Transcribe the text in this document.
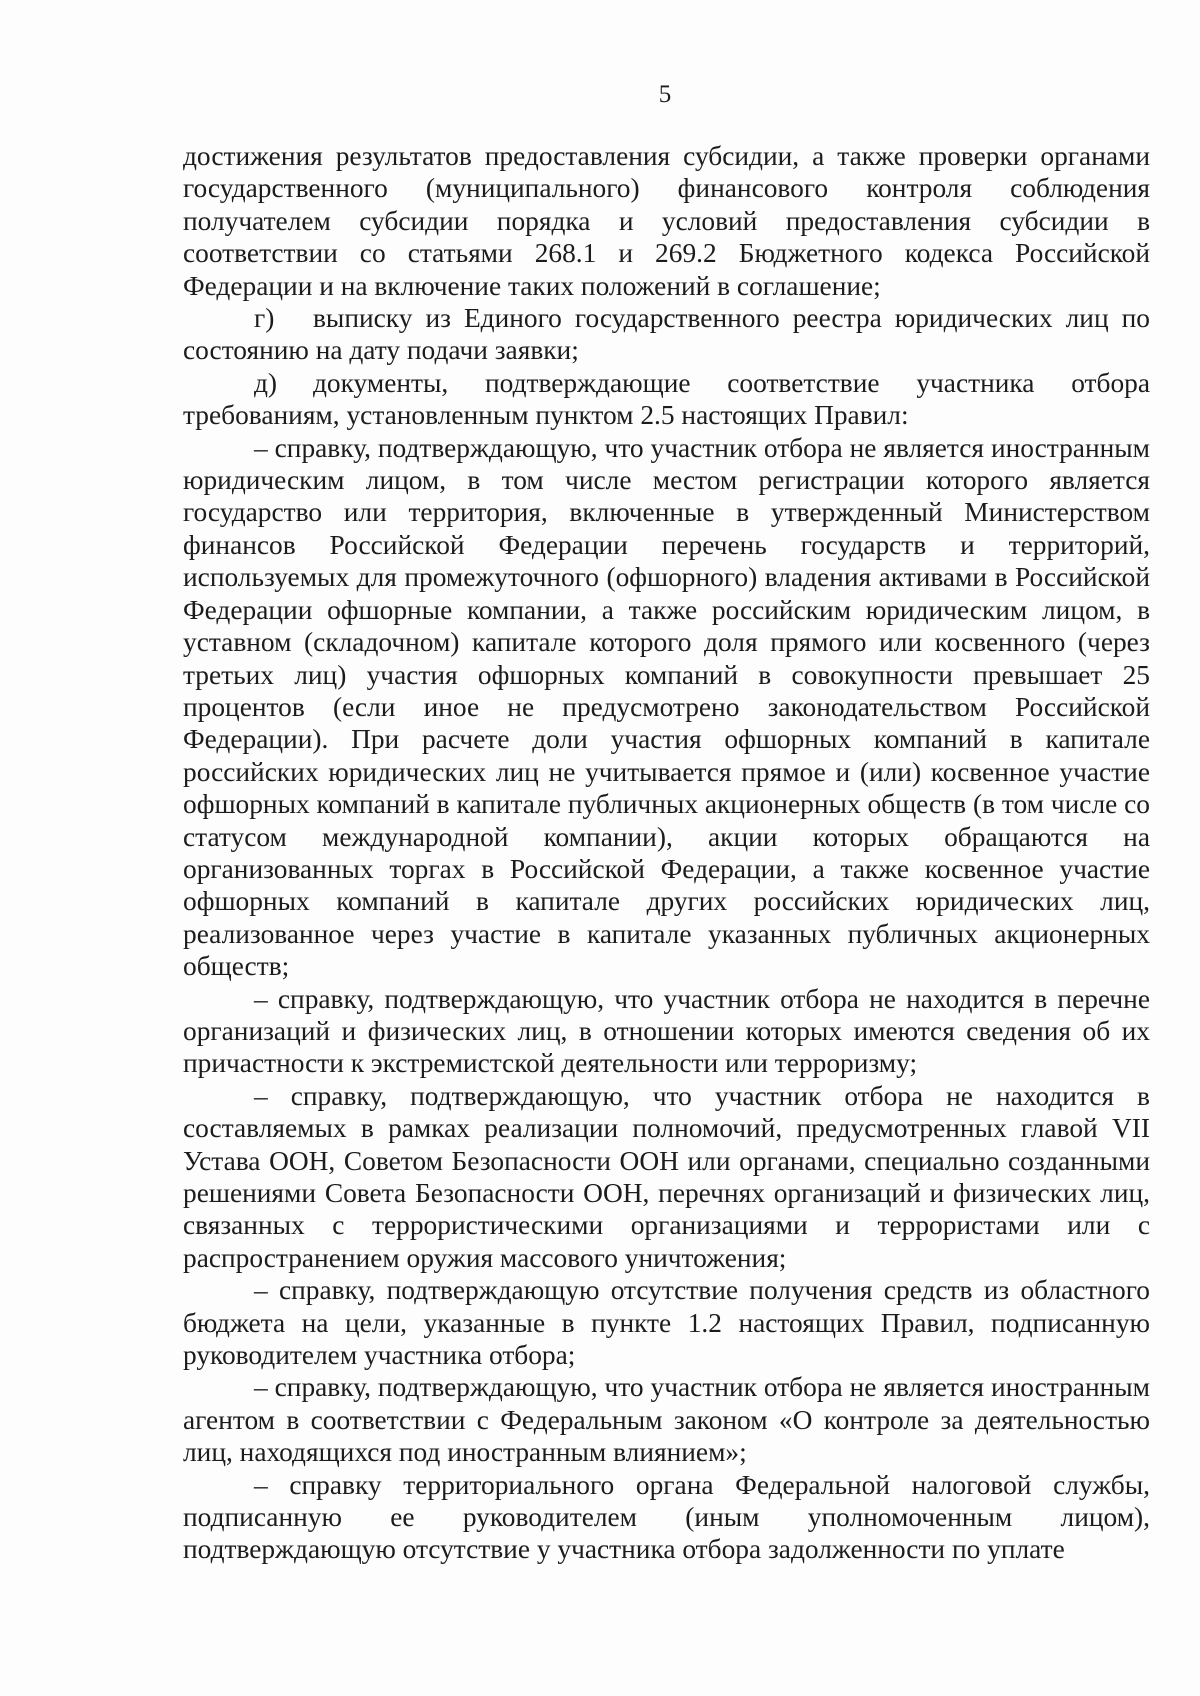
5

достижения результатов предоставления субсидии, а также проверки органами государственного (муниципального) финансового контроля соблюдения получателем субсидии порядка и условий предоставления субсидии в соответствии со статьями 268.1 и 269.2 Бюджетного кодекса Российской Федерации и на включение таких положений в соглашение;

г) выписку из Единого государственного реестра юридических лиц по состоянию на дату подачи заявки;

д) документы, подтверждающие соответствие участника отбора требованиям, установленным пунктом 2.5 настоящих Правил:

– справку, подтверждающую, что участник отбора не является иностранным юридическим лицом, в том числе местом регистрации которого является государство или территория, включенные в утвержденный Министерством финансов Российской Федерации перечень государств и территорий, используемых для промежуточного (офшорного) владения активами в Российской Федерации офшорные компании, а также российским юридическим лицом, в уставном (складочном) капитале которого доля прямого или косвенного (через третьих лиц) участия офшорных компаний в совокупности превышает 25 процентов (если иное не предусмотрено законодательством Российской Федерации). При расчете доли участия офшорных компаний в капитале российских юридических лиц не учитывается прямое и (или) косвенное участие офшорных компаний в капитале публичных акционерных обществ (в том числе со статусом международной компании), акции которых обращаются на организованных торгах в Российской Федерации, а также косвенное участие офшорных компаний в капитале других российских юридических лиц, реализованное через участие в капитале указанных публичных акционерных обществ;

– справку, подтверждающую, что участник отбора не находится в перечне организаций и физических лиц, в отношении которых имеются сведения об их причастности к экстремистской деятельности или терроризму;

– справку, подтверждающую, что участник отбора не находится в составляемых в рамках реализации полномочий, предусмотренных главой VII Устава ООН, Советом Безопасности ООН или органами, специально созданными решениями Совета Безопасности ООН, перечнях организаций и физических лиц, связанных с террористическими организациями и террористами или с распространением оружия массового уничтожения;

– справку, подтверждающую отсутствие получения средств из областного бюджета на цели, указанные в пункте 1.2 настоящих Правил, подписанную руководителем участника отбора;

– справку, подтверждающую, что участник отбора не является иностранным агентом в соответствии с Федеральным законом «О контроле за деятельностью лиц, находящихся под иностранным влиянием»;

– справку территориального органа Федеральной налоговой службы, подписанную ее руководителем (иным уполномоченным лицом), подтверждающую отсутствие у участника отбора задолженности по уплате
